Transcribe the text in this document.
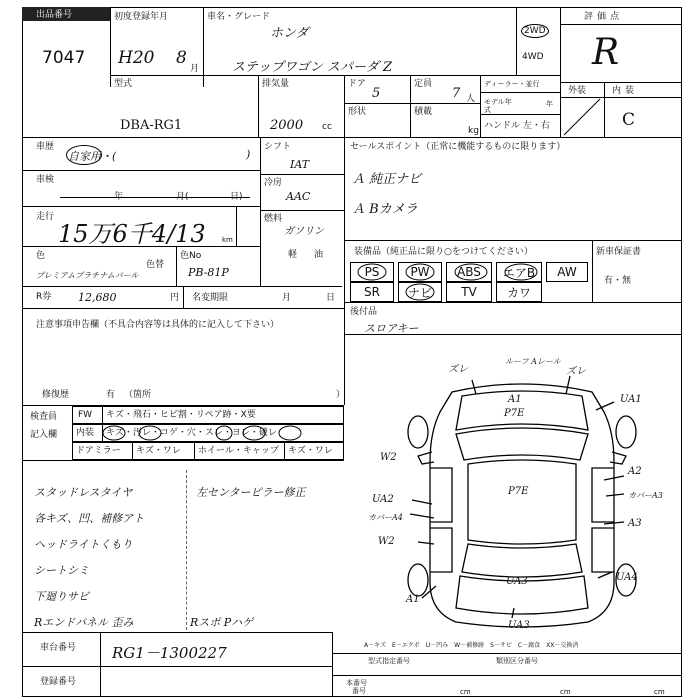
出品番号
7047
初度登録年月
H20 8
月
車名・グレード
ホンダ
ステップワゴン スパーダ Z
2WD
4WD
評価点
R
型式
DBA-RG1
排気量
2000 cc
ドア
5
定員
7 人
形状	積載
kg
ディーラー・並行
モデル年式
年
ハンドル 左・右
外装	内装
C
車歴
自家用・(	)
車検
年	月(	日)
走行
15万6千4/13 km
色
プレミアムプラチナムパール
色替
色No
PB-81P
R券 12,680	円 名変期限	月	日
注意事項申告欄（不具合内容等は具体的に記入して下さい）
修復歴	有 （箇所	）
シフト
IAT
冷房
AAC
燃料
ガソリン
軽 油
セールスポイント（正常に機能するものに限ります）
Ａ 純正ナビ
Ａ Bカメラ
装備品（純正品に限り○をつけてください）	新車保証書
有・無
PS	PW	ABS	エアB	AW
SR	ナビ	TV	カワ
後付品
スロアキー
検査員
記入欄
FW キズ・飛石・ヒビ割・リペア跡・X要
内装 キズ・汚レ・コゲ・穴・スレ・ヨレ・破レ
ドアミラー キズ・ワレ ホイール・キャップ キズ・ワレ
スタッドレスタイヤ
各キズ、凹、補修アト
ヘッドライトくもり
シートシミ
下廻りサビ
Rエンドパネル 歪み	Rスポ Pハゲ
左センターピラー修正
ズレ
ルーフ Aレール
ズレ
A1
P7E
UA1
W2
P7E
A2
カバーA3
A3
UA2
カバーA4
W2
UA3	UA4
A1
UA3
A－キズ　E－エクボ　U－凹み　W－補修跡　S－サビ　C－腐食　XX－交換済
車台番号 RG1－1300227
登録番号
型式指定番号	類別区分番号
本番号
番号	cm	cm	cm
